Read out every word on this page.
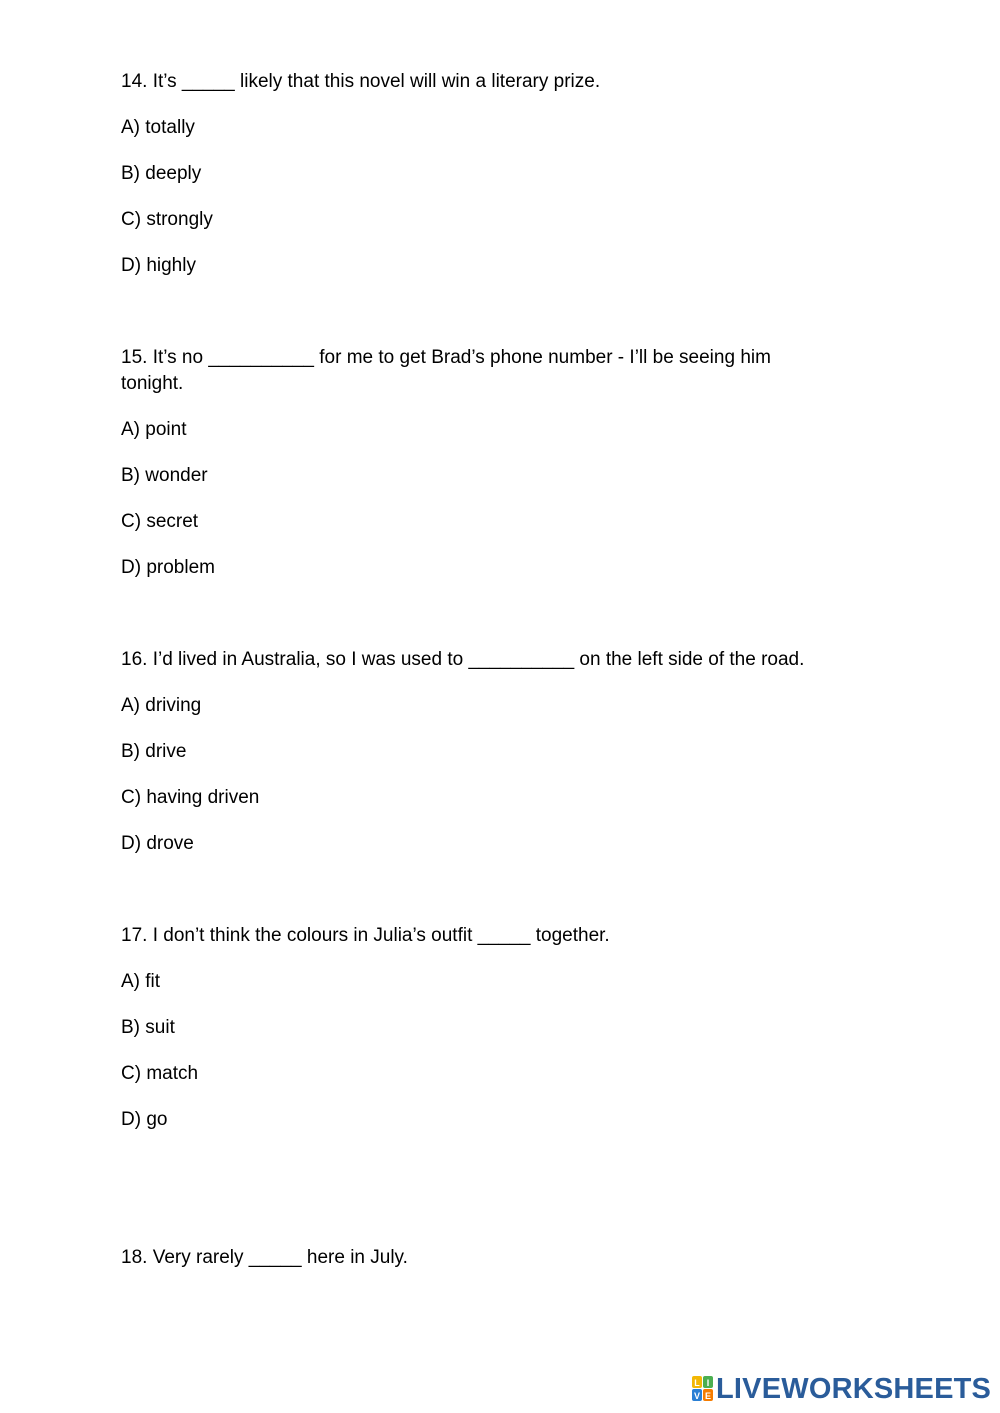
14. It’s _____ likely that this novel will win a literary prize.

A) totally

B) deeply

C) strongly

D) highly

15. It’s no __________ for me to get Brad’s phone number - I’ll be seeing him

tonight.

A) point

B) wonder

C) secret

D) problem

16. I’d lived in Australia, so I was used to __________ on the left side of the road.

A) driving

B) drive

C) having driven

D) drove

17. I don’t think the colours in Julia’s outfit _____ together.

A) fit

B) suit

C) match

D) go

18. Very rarely _____ here in July.

L I
V E LIVEWORKSHEETS
